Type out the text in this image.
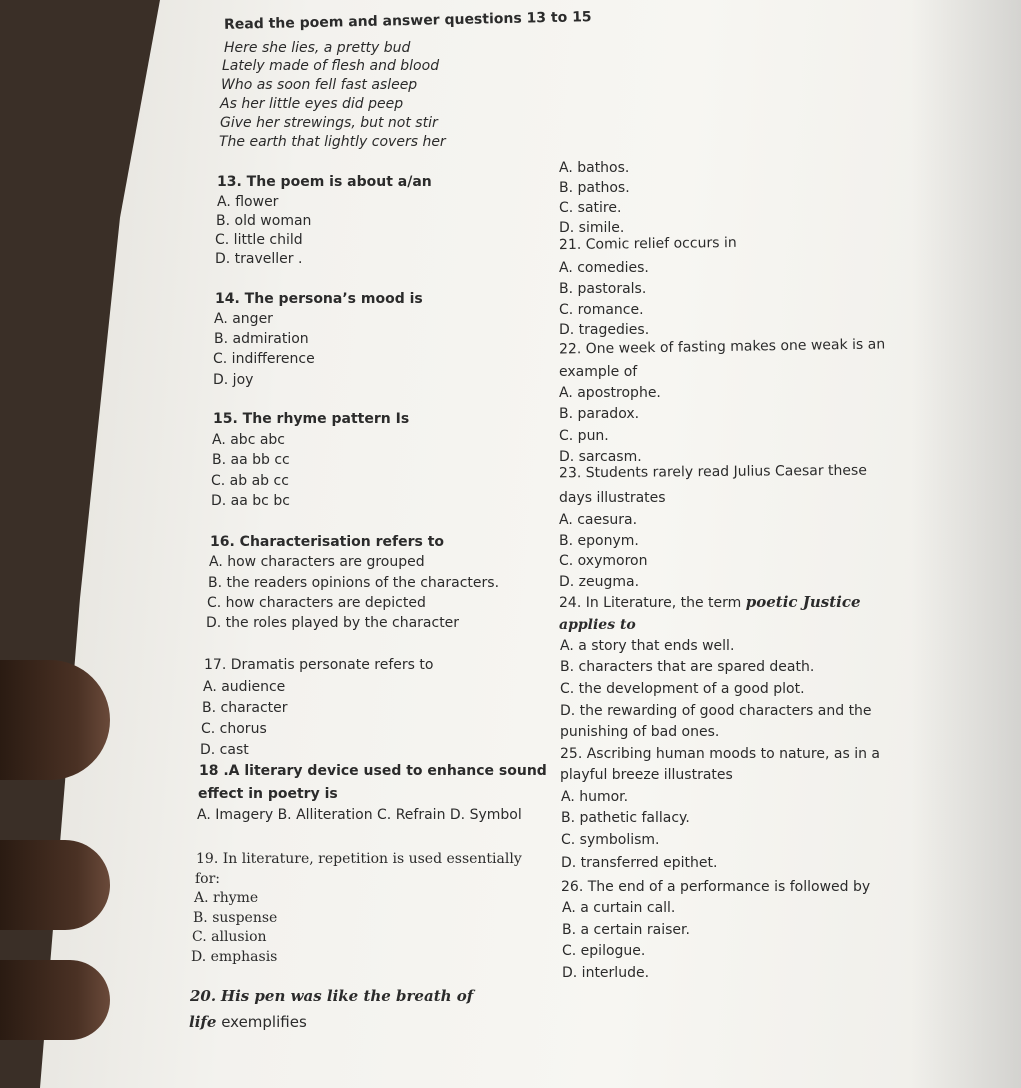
Read the poem and answer questions 13 to 15
Here she lies, a pretty bud
Lately made of flesh and blood
Who as soon fell fast asleep
As her little eyes did peep
Give her strewings, but not stir
The earth that lightly covers her
13. The poem is about a/an
A. flower
B. old woman
C. little child
D. traveller .
14. The persona’s mood is
A. anger
B. admiration
C. indifference
D. joy
15. The rhyme pattern Is
A. abc abc
B. aa bb cc
C. ab ab cc
D. aa bc bc
16. Characterisation refers to
A. how characters are grouped
B. the readers opinions of the characters.
C. how characters are depicted
D. the roles played by the character
17. Dramatis personate refers to
A. audience
B. character
C. chorus
D. cast
18 .A literary device used to enhance sound
effect in poetry is
A. Imagery B. Alliteration C. Refrain D. Symbol
19. In literature, repetition is used essentially
for:
A. rhyme
B. suspense
C. allusion
D. emphasis
20. His pen was like the breath of
life exemplifies
A. bathos.
B. pathos.
C. satire.
D. simile.
21. Comic relief occurs in
A. comedies.
B. pastorals.
C. romance.
D. tragedies.
22. One week of fasting makes one weak is an
example of
A. apostrophe.
B. paradox.
C. pun.
D. sarcasm.
23. Students rarely read Julius Caesar these
days illustrates
A. caesura.
B. eponym.
C. oxymoron
D. zeugma.
24. In Literature, the term poetic Justice
applies to
A. a story that ends well.
B. characters that are spared death.
C. the development of a good plot.
D. the rewarding of good characters and the
punishing of bad ones.
25. Ascribing human moods to nature, as in a
playful breeze illustrates
A. humor.
B. pathetic fallacy.
C. symbolism.
D. transferred epithet.
26. The end of a performance is followed by
A. a curtain call.
B. a certain raiser.
C. epilogue.
D. interlude.
